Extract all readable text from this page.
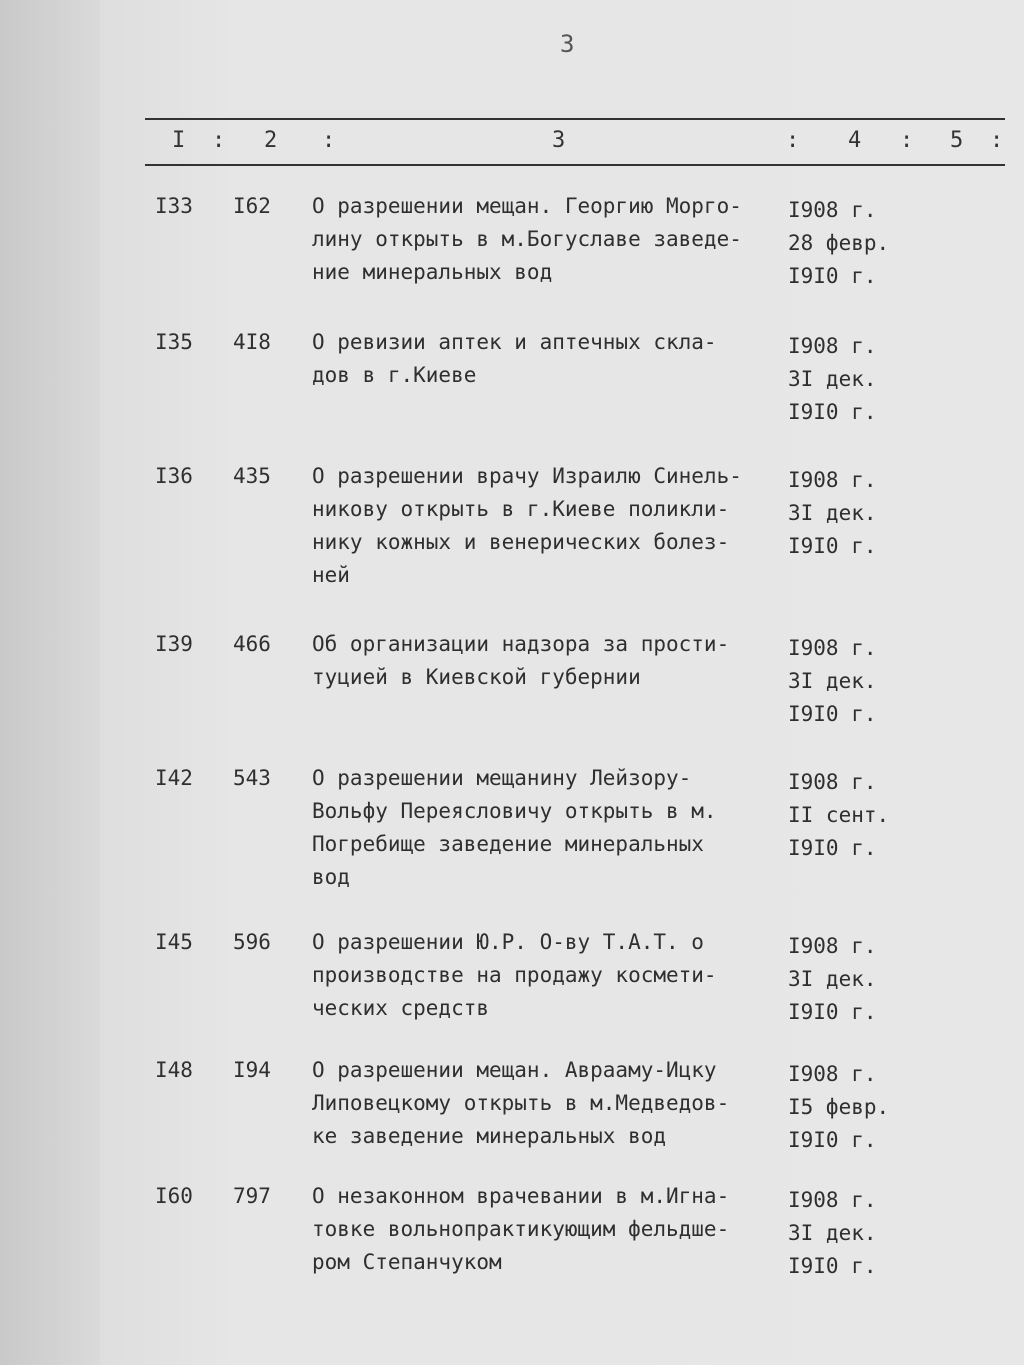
3
I : 2 :	3	: 4 : 5 :
I33 I62 О разрешении мещан. Георгию Морго-
лину открыть в м.Богуславе заведе-
ние минеральных вод
I908 г.
28 февр.
I9I0 г.
I35 4I8 О ревизии аптек и аптечных скла-
дов в г.Киеве
I908 г.
3I дек.
I9I0 г.
I36 435 О разрешении врачу Израилю Синель-
никову открыть в г.Киеве поликли-
нику кожных и венерических болез-
ней
I908 г.
3I дек.
I9I0 г.
I39 466 Об организации надзора за прости-
туцией в Киевской губернии
I908 г.
3I дек.
I9I0 г.
I42 543 О разрешении мещанину Лейзору-
Вольфу Переясловичу открыть в м.
Погребище заведение минеральных
вод
I908 г.
II сент.
I9I0 г.
I45 596 О разрешении Ю.Р. О-ву Т.А.Т. о
производстве на продажу космети-
ческих средств
I908 г.
3I дек.
I9I0 г.
I48 I94 О разрешении мещан. Аврааму-Ицку
Липовецкому открыть в м.Медведов-
ке заведение минеральных вод
I908 г.
I5 февр.
I9I0 г.
I60 797 О незаконном врачевании в м.Игна-
товке вольнопрактикующим фельдше-
ром Степанчуком
I908 г.
3I дек.
I9I0 г.
